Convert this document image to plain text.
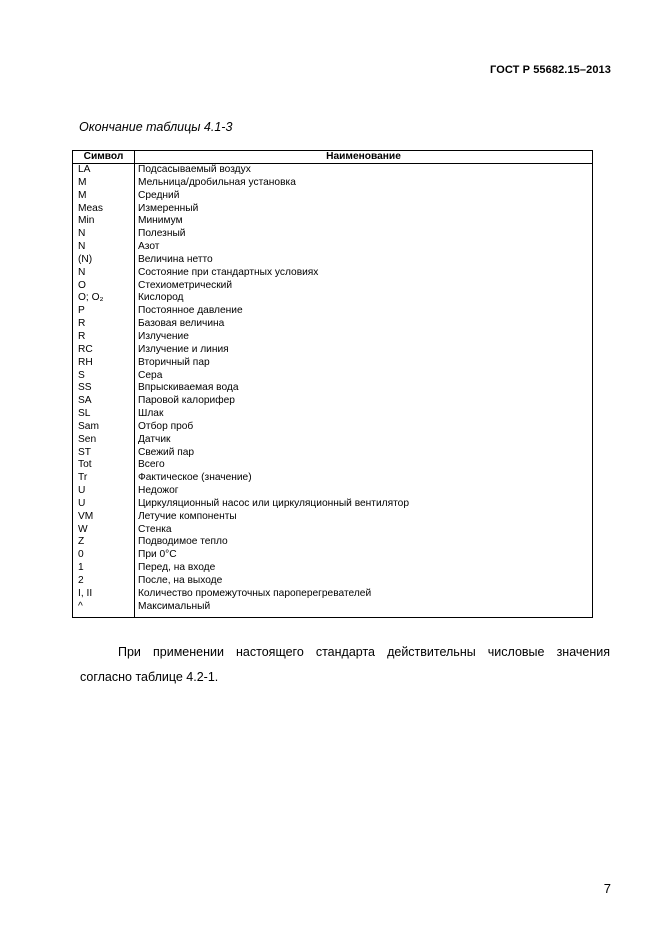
ГОСТ Р 55682.15–2013
Окончание таблицы 4.1-3
Символ	Наименование
LA	Подсасываемый воздух
M	Мельница/дробильная установка
M	Средний
Meas	Измеренный
Min	Минимум
N	Полезный
N	Азот
(N)	Величина нетто
N	Состояние при стандартных условиях
O	Стехиометрический
O; O₂	Кислород
P	Постоянное давление
R	Базовая величина
R	Излучение
RC	Излучение и линия
RH	Вторичный пар
S	Сера
SS	Впрыскиваемая вода
SA	Паровой калорифер
SL	Шлак
Sam	Отбор проб
Sen	Датчик
ST	Свежий пар
Tot	Всего
Tr	Фактическое (значение)
U	Недожог
U	Циркуляционный насос или циркуляционный вентилятор
VM	Летучие компоненты
W	Стенка
Z	Подводимое тепло
0	При 0°С
1	Перед, на входе
2	После, на выходе
I, II	Количество промежуточных пароперегревателей
^	Максимальный

При применении настоящего стандарта действительны числовые значения согласно таблице 4.2-1.

7
